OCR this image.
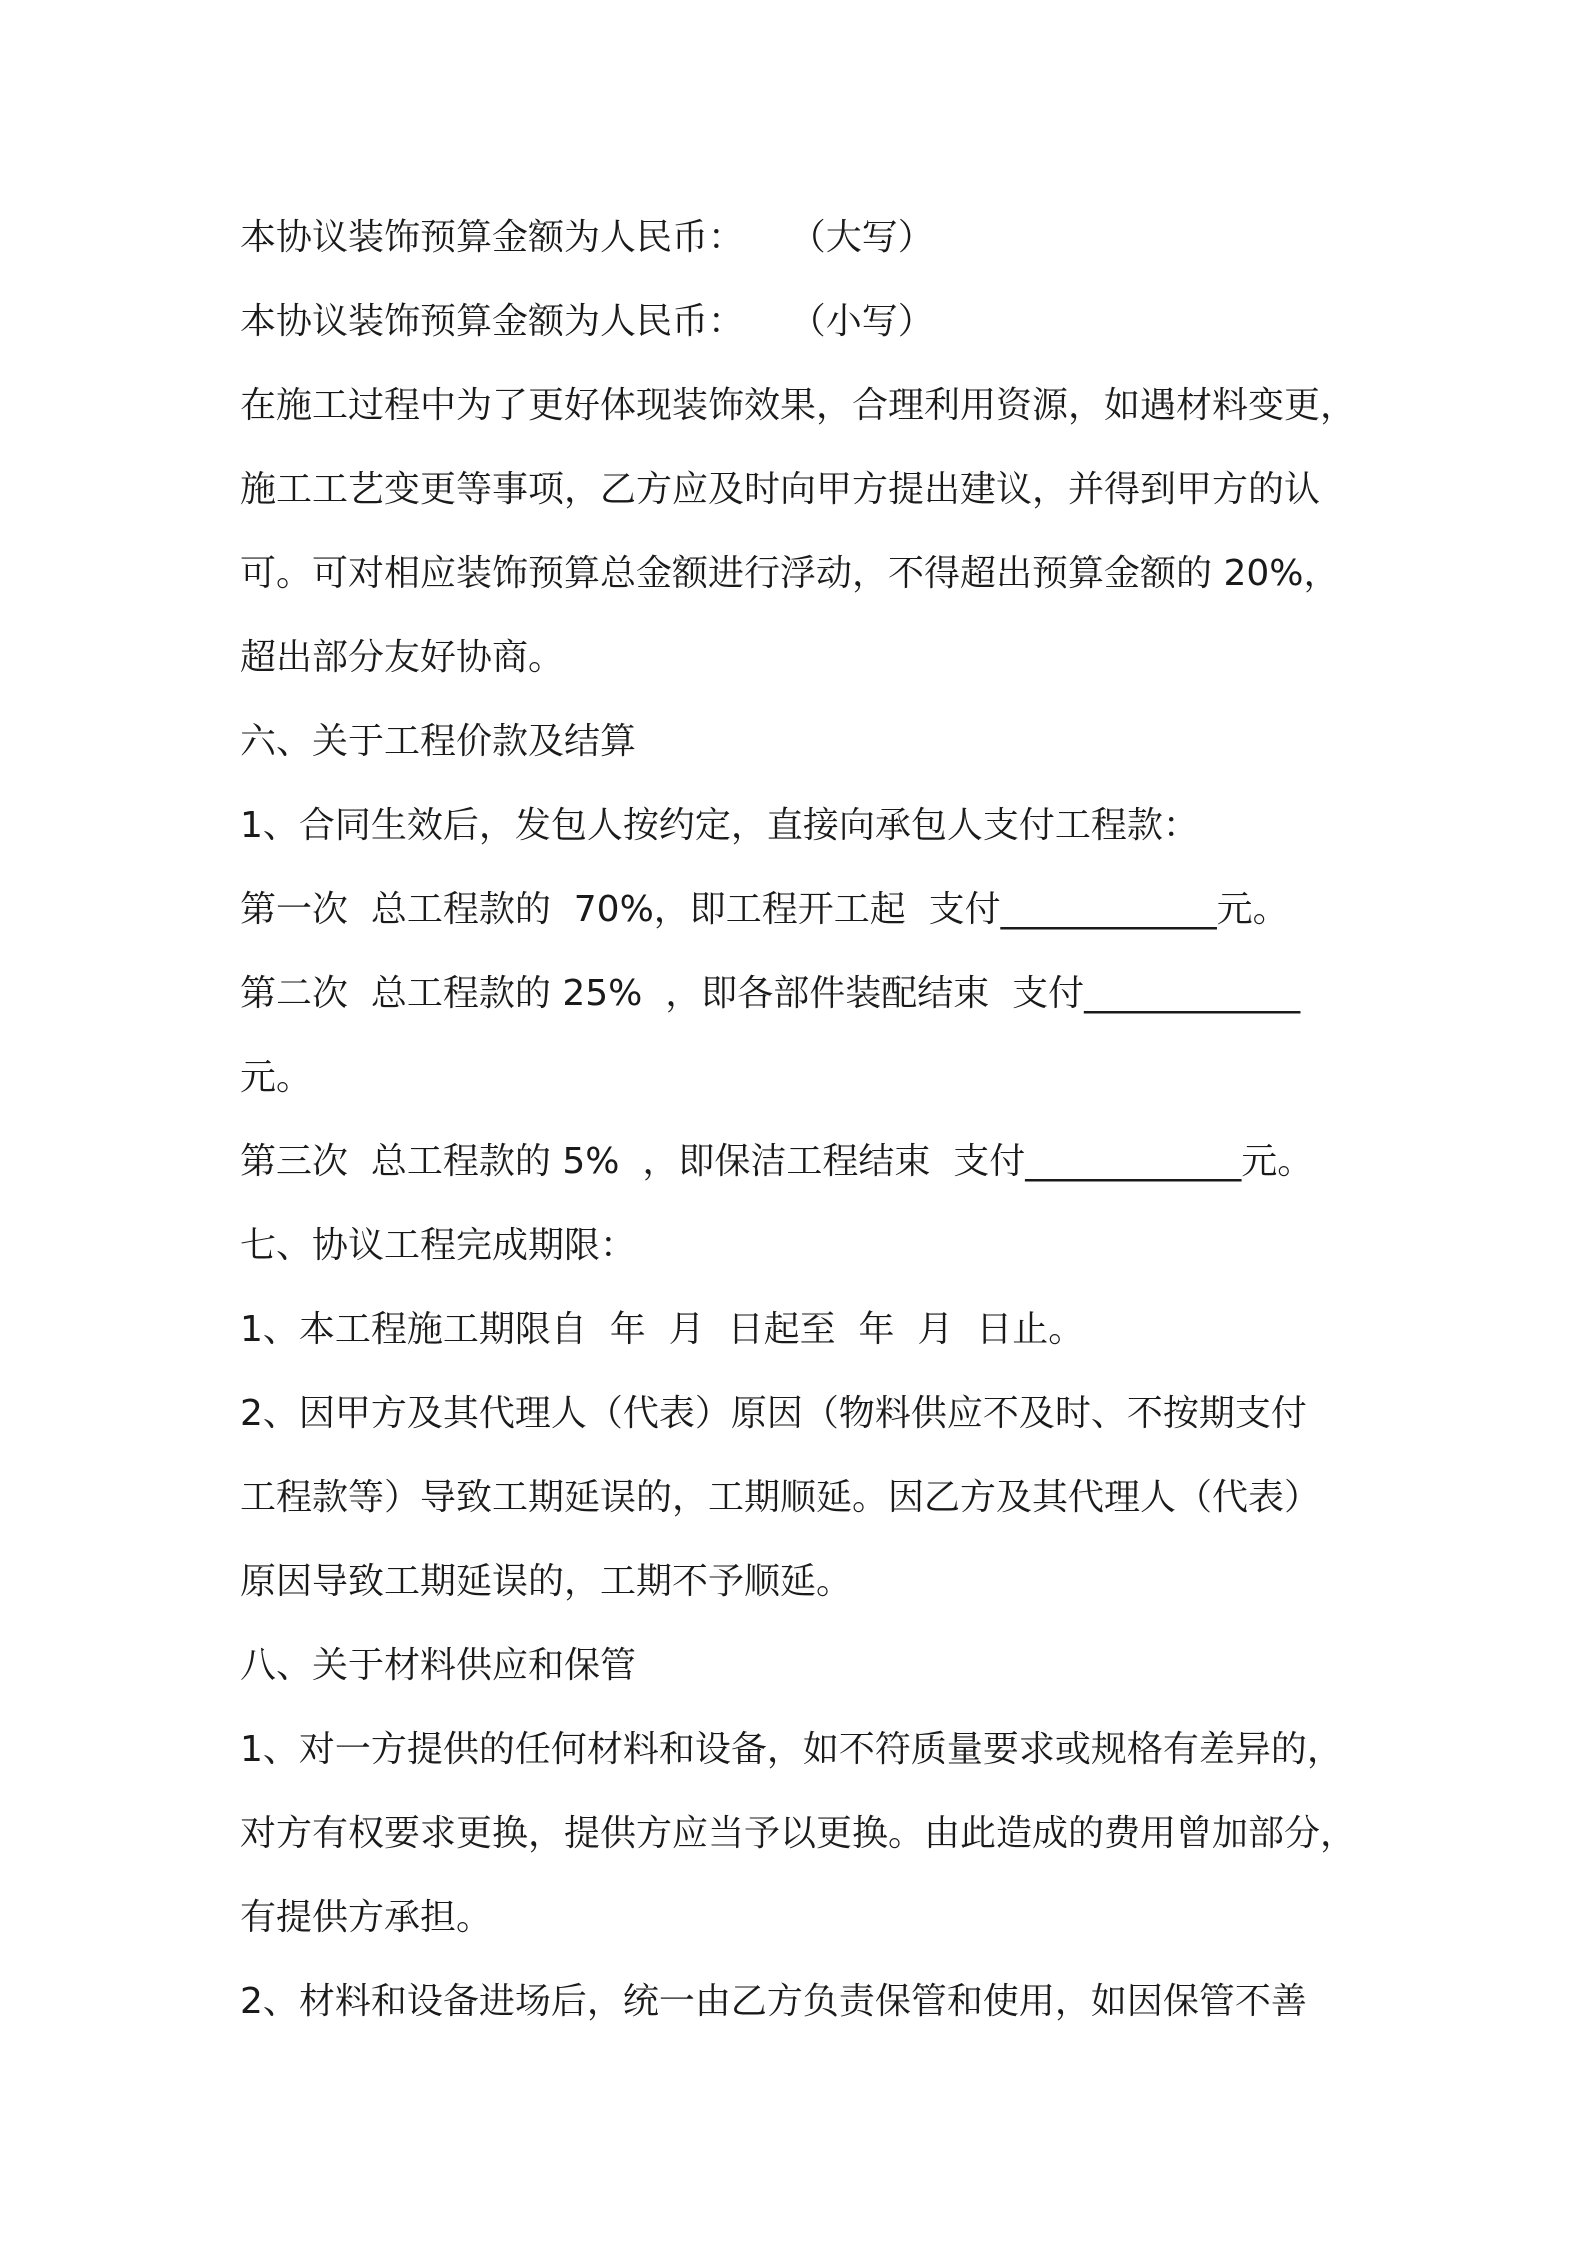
本协议装饰预算金额为人民币：    （大写）
本协议装饰预算金额为人民币：    （小写）
在施工过程中为了更好体现装饰效果，合理利用资源，如遇材料变更，
施工工艺变更等事项，乙方应及时向甲方提出建议，并得到甲方的认
可。可对相应装饰预算总金额进行浮动，不得超出预算金额的 20%，
超出部分友好协商。
六、关于工程价款及结算
1、合同生效后，发包人按约定，直接向承包人支付工程款：
第一次  总工程款的  70%，即工程开工起  支付____________元。
第二次  总工程款的 25%  ，即各部件装配结束  支付____________
元。
第三次  总工程款的 5%  ，即保洁工程结束  支付____________元。
七、协议工程完成期限：
1、本工程施工期限自  年  月  日起至  年  月  日止。
2、因甲方及其代理人（代表）原因（物料供应不及时、不按期支付
工程款等）导致工期延误的，工期顺延。因乙方及其代理人（代表）
原因导致工期延误的，工期不予顺延。
八、关于材料供应和保管
1、对一方提供的任何材料和设备，如不符质量要求或规格有差异的，
对方有权要求更换，提供方应当予以更换。由此造成的费用曾加部分，
有提供方承担。
2、材料和设备进场后，统一由乙方负责保管和使用，如因保管不善
